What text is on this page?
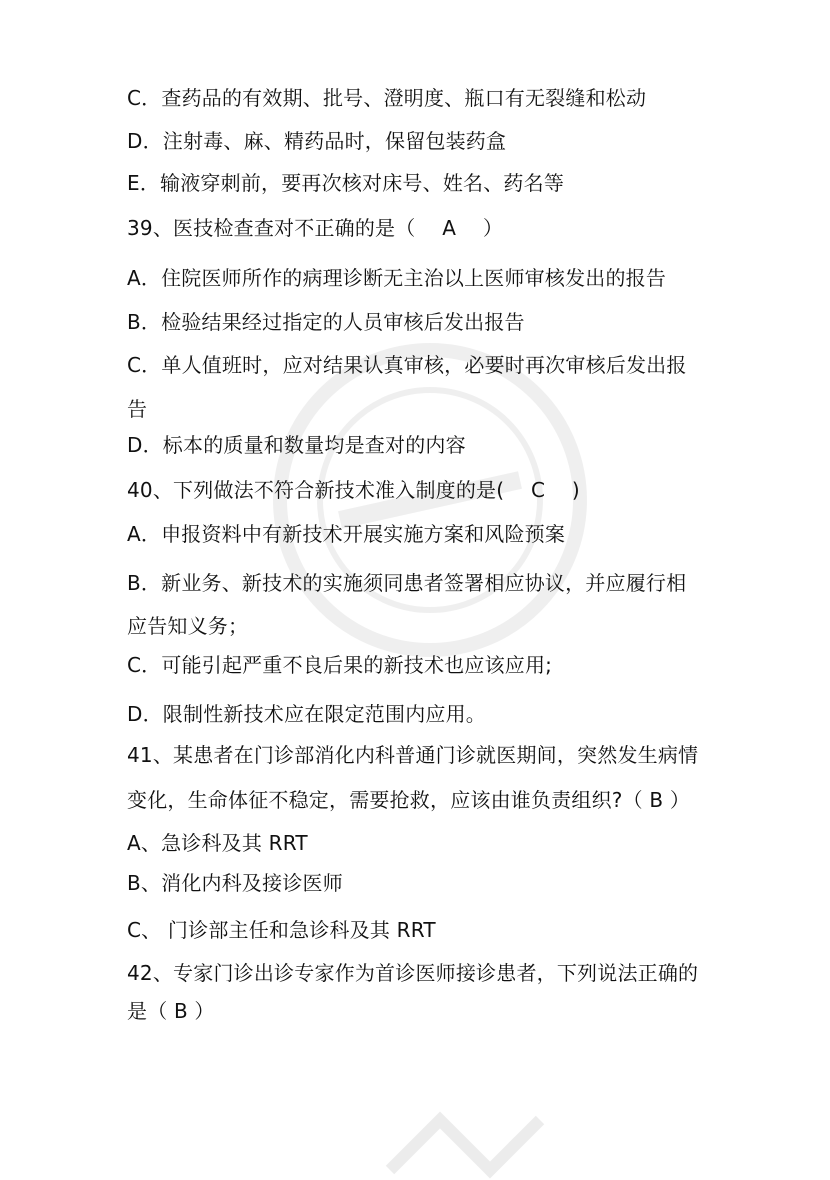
C．查药品的有效期、批号、澄明度、瓶口有无裂缝和松动
D．注射毒、麻、精药品时，保留包装药盒
E．输液穿刺前，要再次核对床号、姓名、药名等
39、医技检查查对不正确的是（　 A　 ）
A．住院医师所作的病理诊断无主治以上医师审核发出的报告
B．检验结果经过指定的人员审核后发出报告
C．单人值班时，应对结果认真审核，必要时再次审核后发出报
告
D．标本的质量和数量均是查对的内容
40、下列做法不符合新技术准入制度的是(　 C　 )
A．申报资料中有新技术开展实施方案和风险预案
B．新业务、新技术的实施须同患者签署相应协议，并应履行相
应告知义务；
C．可能引起严重不良后果的新技术也应该应用;
D．限制性新技术应在限定范围内应用。
41、某患者在门诊部消化内科普通门诊就医期间，突然发生病情
变化，生命体征不稳定，需要抢救，应该由谁负责组织?（ B ）
A、急诊科及其 RRT
B、消化内科及接诊医师
C、 门诊部主任和急诊科及其 RRT
42、专家门诊出诊专家作为首诊医师接诊患者，下列说法正确的
是（ B ）
